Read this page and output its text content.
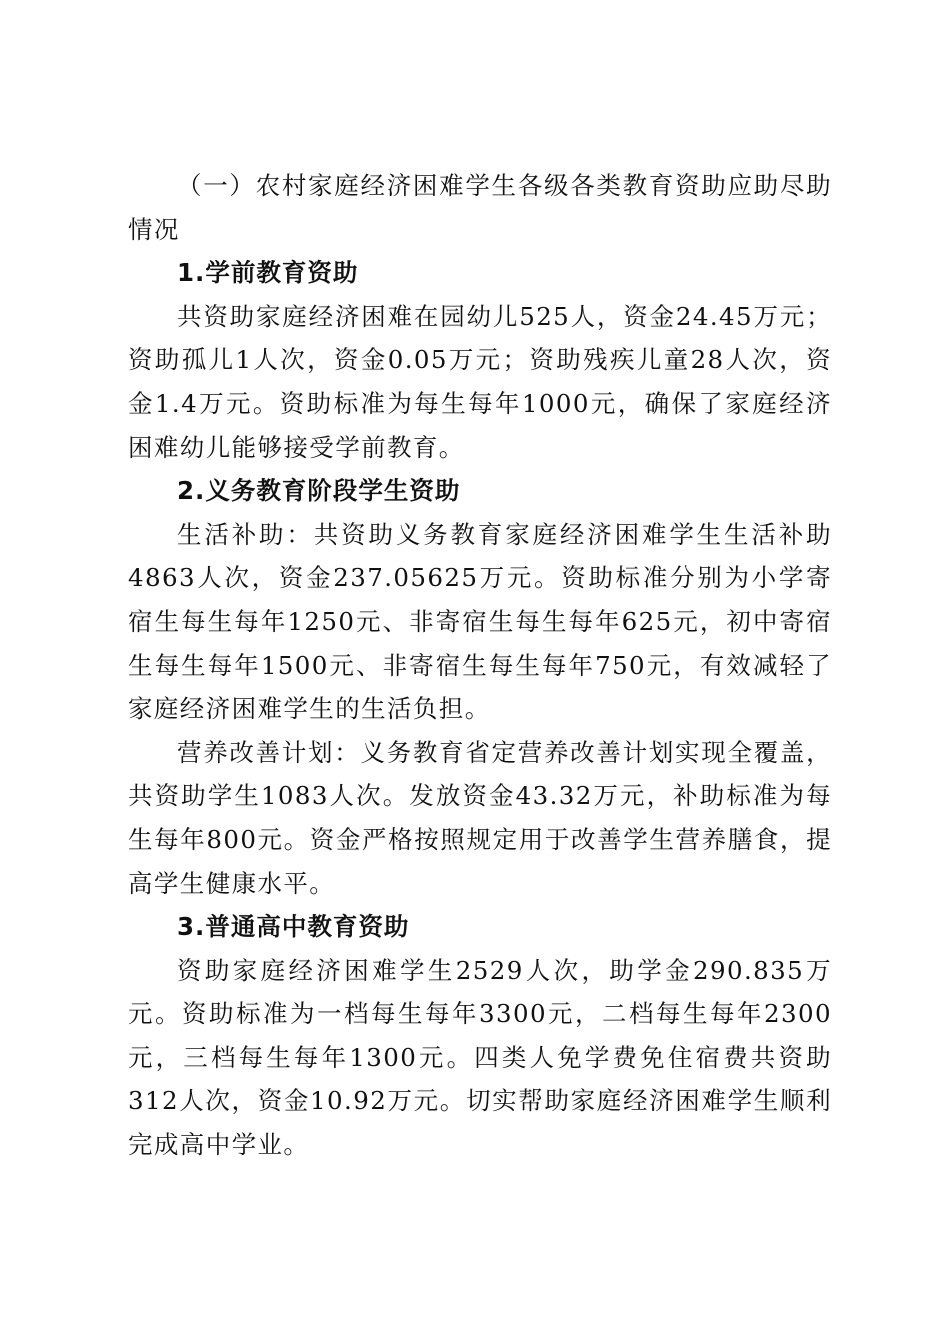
（一）农村家庭经济困难学生各级各类教育资助应助尽助情况

1.学前教育资助

共资助家庭经济困难在园幼儿525人，资金24.45万元；资助孤儿1人次，资金0.05万元；资助残疾儿童28人次，资金1.4万元。资助标准为每生每年1000元，确保了家庭经济困难幼儿能够接受学前教育。

2.义务教育阶段学生资助

生活补助：共资助义务教育家庭经济困难学生生活补助4863人次，资金237.05625万元。资助标准分别为小学寄宿生每生每年1250元、非寄宿生每生每年625元，初中寄宿生每生每年1500元、非寄宿生每生每年750元，有效减轻了家庭经济困难学生的生活负担。

营养改善计划：义务教育省定营养改善计划实现全覆盖，共资助学生1083人次。发放资金43.32万元，补助标准为每生每年800元。资金严格按照规定用于改善学生营养膳食，提高学生健康水平。

3.普通高中教育资助

资助家庭经济困难学生2529人次，助学金290.835万元。资助标准为一档每生每年3300元，二档每生每年2300元，三档每生每年1300元。四类人免学费免住宿费共资助312人次，资金10.92万元。切实帮助家庭经济困难学生顺利完成高中学业。
